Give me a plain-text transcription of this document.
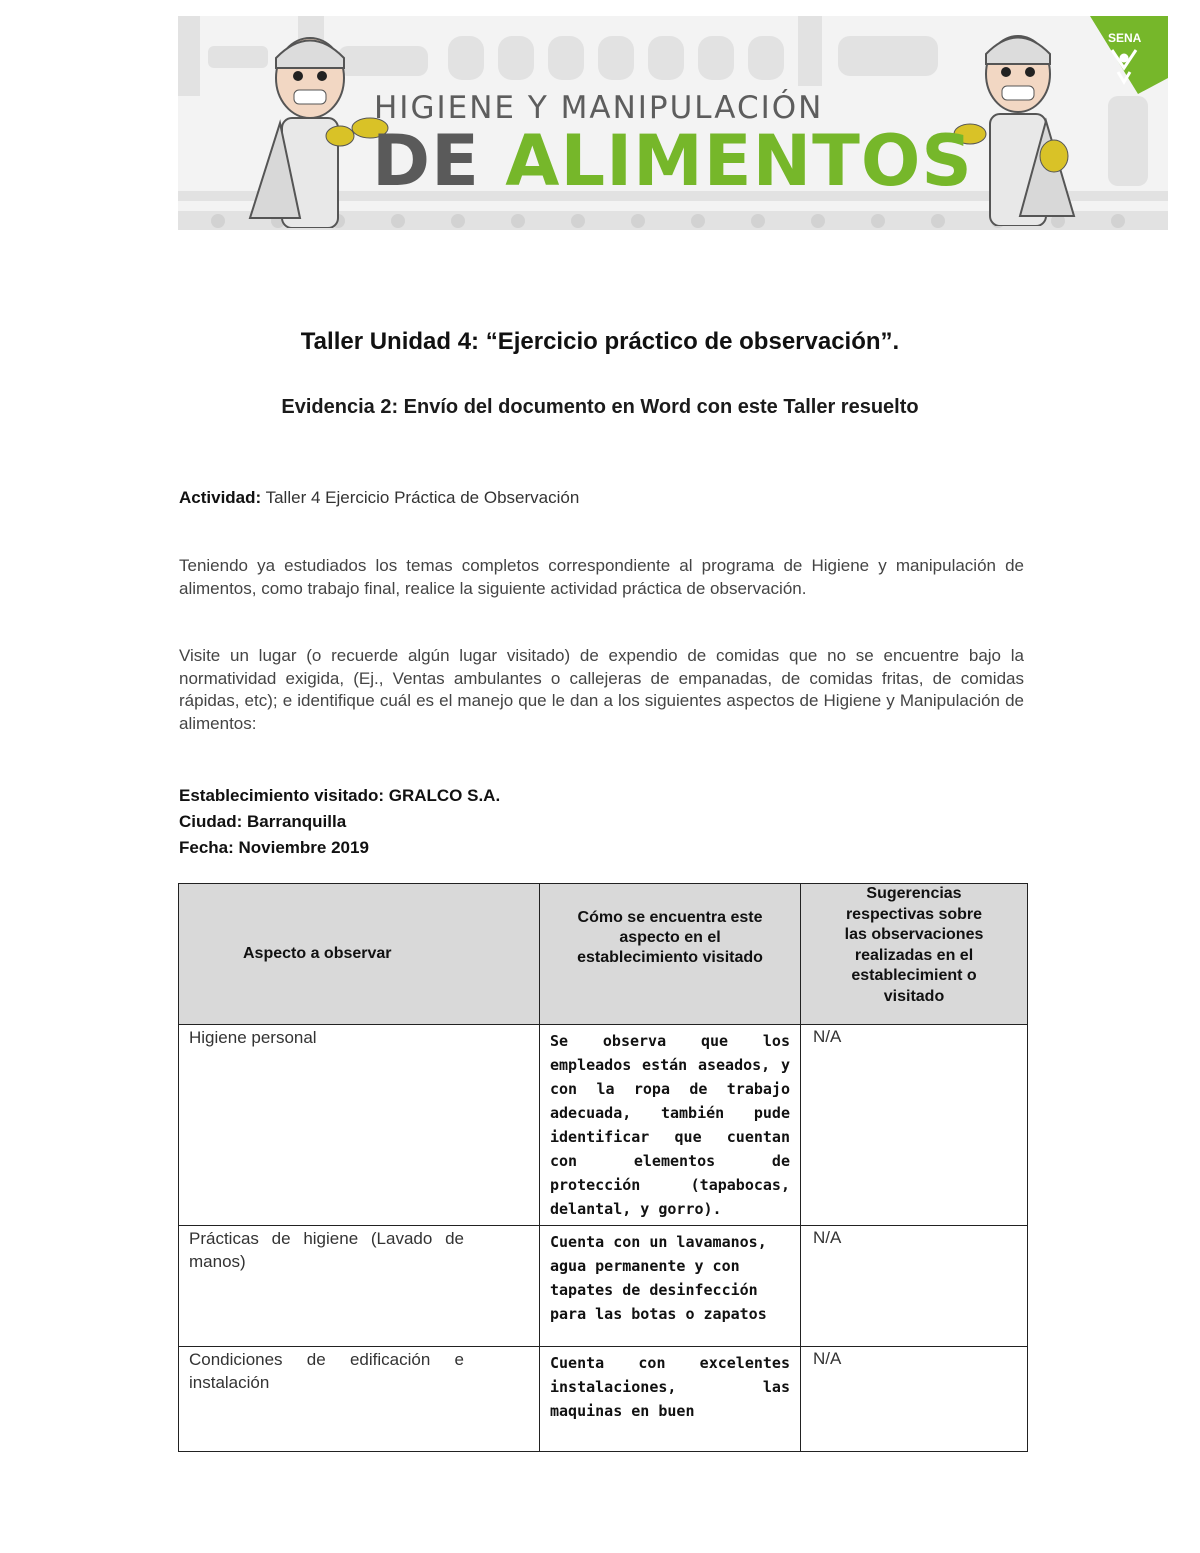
HIGIENE Y MANIPULACIÓN
DE ALIMENTOS
SENA
Taller Unidad 4: “Ejercicio práctico de observación”.
Evidencia 2: Envío del documento en Word con este Taller resuelto
Actividad: Taller 4 Ejercicio Práctica de Observación
Teniendo ya estudiados los temas completos correspondiente al programa de Higiene y manipulación de alimentos, como trabajo final, realice la siguiente actividad práctica de observación.
Visite un lugar (o recuerde algún lugar visitado) de expendio de comidas que no se encuentre bajo la normatividad exigida, (Ej., Ventas ambulantes o callejeras de empanadas, de comidas fritas, de comidas rápidas, etc); e identifique cuál es el manejo que le dan a los siguientes aspectos de Higiene y Manipulación de alimentos:
Establecimiento visitado: GRALCO S.A.
Ciudad: Barranquilla
Fecha: Noviembre 2019
Aspecto a observar	Cómo se encuentra este aspecto en el establecimiento visitado	Sugerencias respectivas sobre las observaciones realizadas en el establecimient o visitado

Higiene personal	Se observa que los empleados están aseados, y con la ropa de trabajo adecuada, también pude identificar que cuentan con elementos de protección (tapabocas, delantal, y gorro).	N/A

Prácticas de higiene (Lavado de manos)	Cuenta con un lavamanos, agua permanente y con tapates de desinfección para las botas o zapatos	N/A

Condiciones de edificación e instalación	Cuenta con excelentes instalaciones, las maquinas en buen	N/A
